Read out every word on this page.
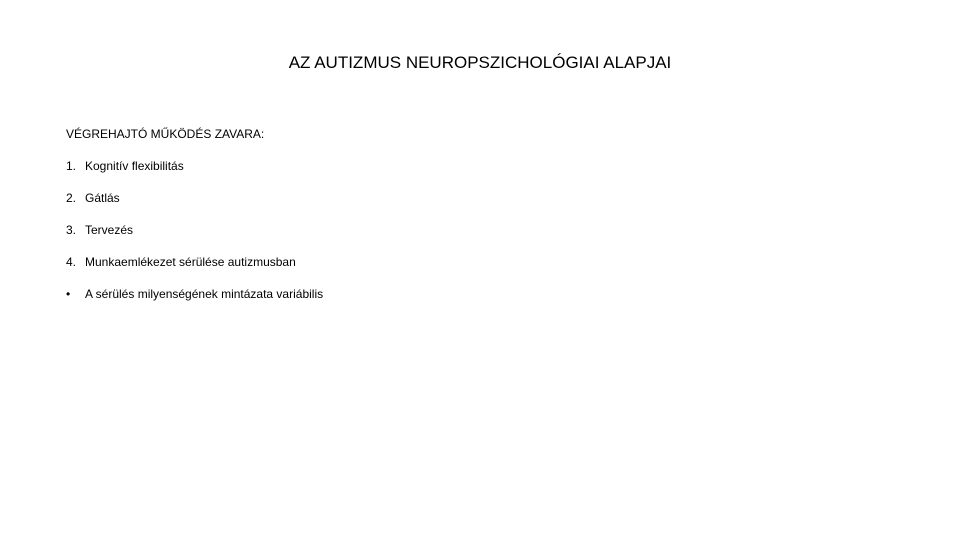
AZ AUTIZMUS NEUROPSZICHOLÓGIAI ALAPJAI
VÉGREHAJTÓ MŰKÖDÉS ZAVARA:
1. Kognitív flexibilitás
2. Gátlás
3. Tervezés
4. Munkaemlékezet sérülése autizmusban
•	A sérülés milyenségének mintázata variábilis
